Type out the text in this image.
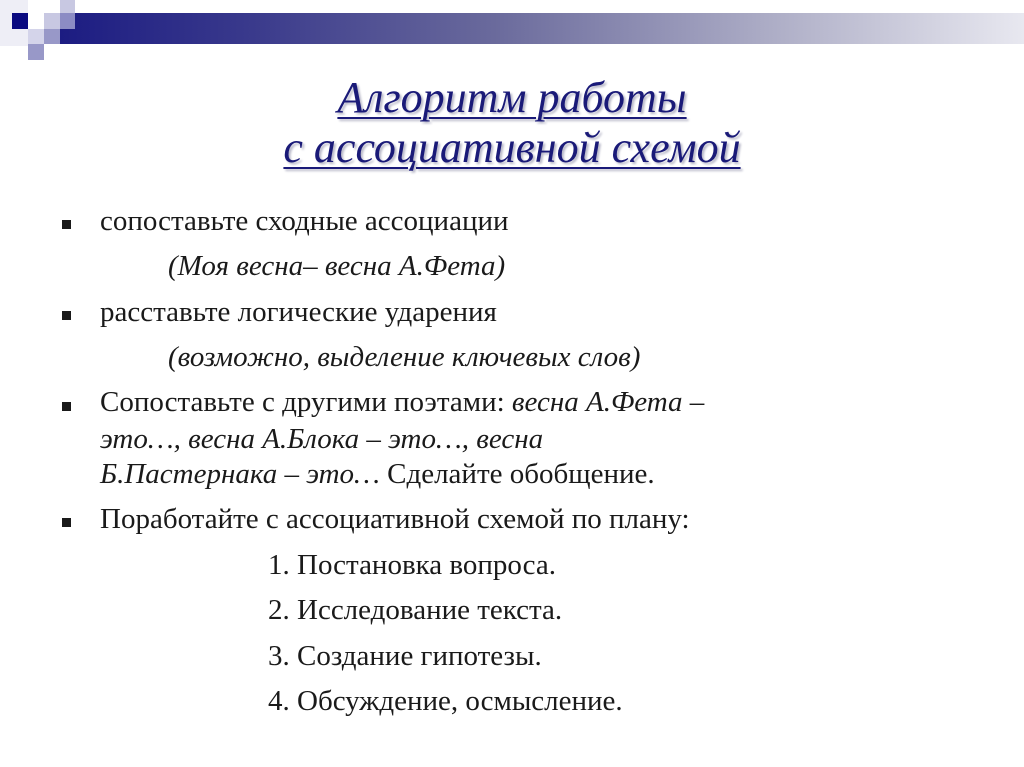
Алгоритм работы
с ассоциативной схемой
сопоставьте сходные ассоциации
(Моя весна– весна А.Фета)
расставьте логические ударения
(возможно, выделение ключевых слов)
Сопоставьте с другими поэтами: весна А.Фета –
это…, весна А.Блока – это…, весна
Б.Пастернака – это… Сделайте обобщение.
Поработайте с ассоциативной схемой по плану:
1. Постановка вопроса.
2. Исследование текста.
3. Создание гипотезы.
4. Обсуждение, осмысление.
